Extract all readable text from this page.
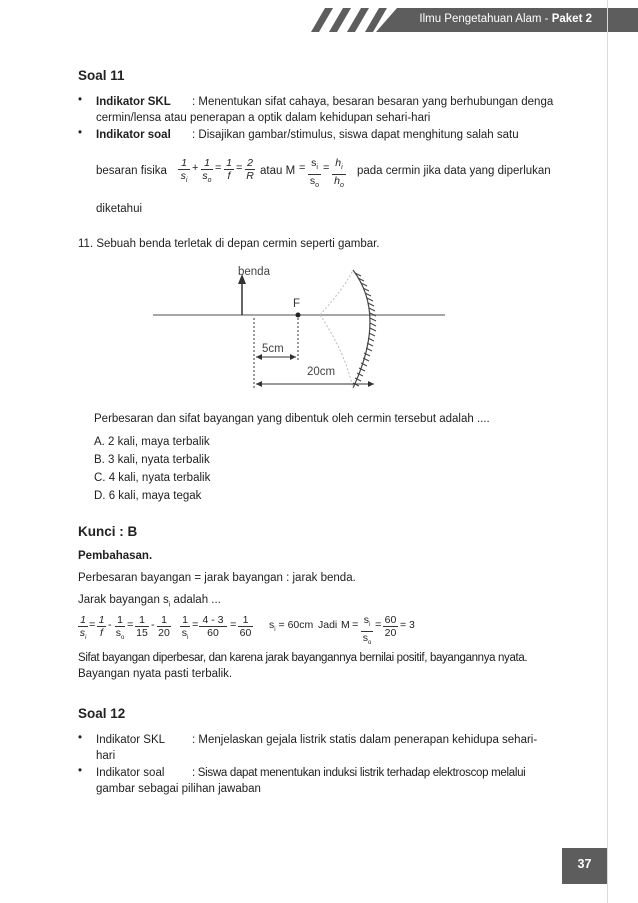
Ilmu Pengetahuan Alam - Paket 2
Soal 11
• Indikator SKL : Menentukan sifat cahaya, besaran besaran yang berhubungan denga
cermin/lensa atau penerapan a optik dalam kehidupan sehari-hari
• Indikator soal : Disajikan gambar/stimulus, siswa dapat menghitung salah satu
besaran fisika $\frac{1}{s_i} + \frac{1}{s_o} = \frac{1}{f} = \frac{2}{R}$ atau $M = \frac{s_i}{s_o} = \frac{h_i}{h_o}$ pada cermin jika data yang diperlukan
diketahui
11. Sebuah benda terletak di depan cermin seperti gambar.
benda
F
5cm
20cm
Perbesaran dan sifat bayangan yang dibentuk oleh cermin tersebut adalah ....
A. 2 kali, maya terbalik
B. 3 kali, nyata terbalik
C. 4 kali, nyata terbalik
D. 6 kali, maya tegak
Kunci : B
Pembahasan.
Perbesaran bayangan = jarak bayangan : jarak benda.
Jarak bayangan $s_i$ adalah ...
$\frac{1}{s_i} = \frac{1}{f} - \frac{1}{s_o} = \frac{1}{15} - \frac{1}{20} \frac{1}{s_i} = \frac{4 - 3}{60} = \frac{1}{60} s_i = 60cm$ Jadi $M = \frac{s_i}{s_o} = \frac{60}{20} = 3$
Sifat bayangan diperbesar, dan karena jarak bayangannya bernilai positif, bayangannya nyata.
Bayangan nyata pasti terbalik.
Soal 12
• Indikator SKL : Menjelaskan gejala listrik statis dalam penerapan kehidupa sehari-
hari
• Indikator soal : Siswa dapat menentukan induksi listrik terhadap elektroscop melalui
gambar sebagai pilihan jawaban
37
